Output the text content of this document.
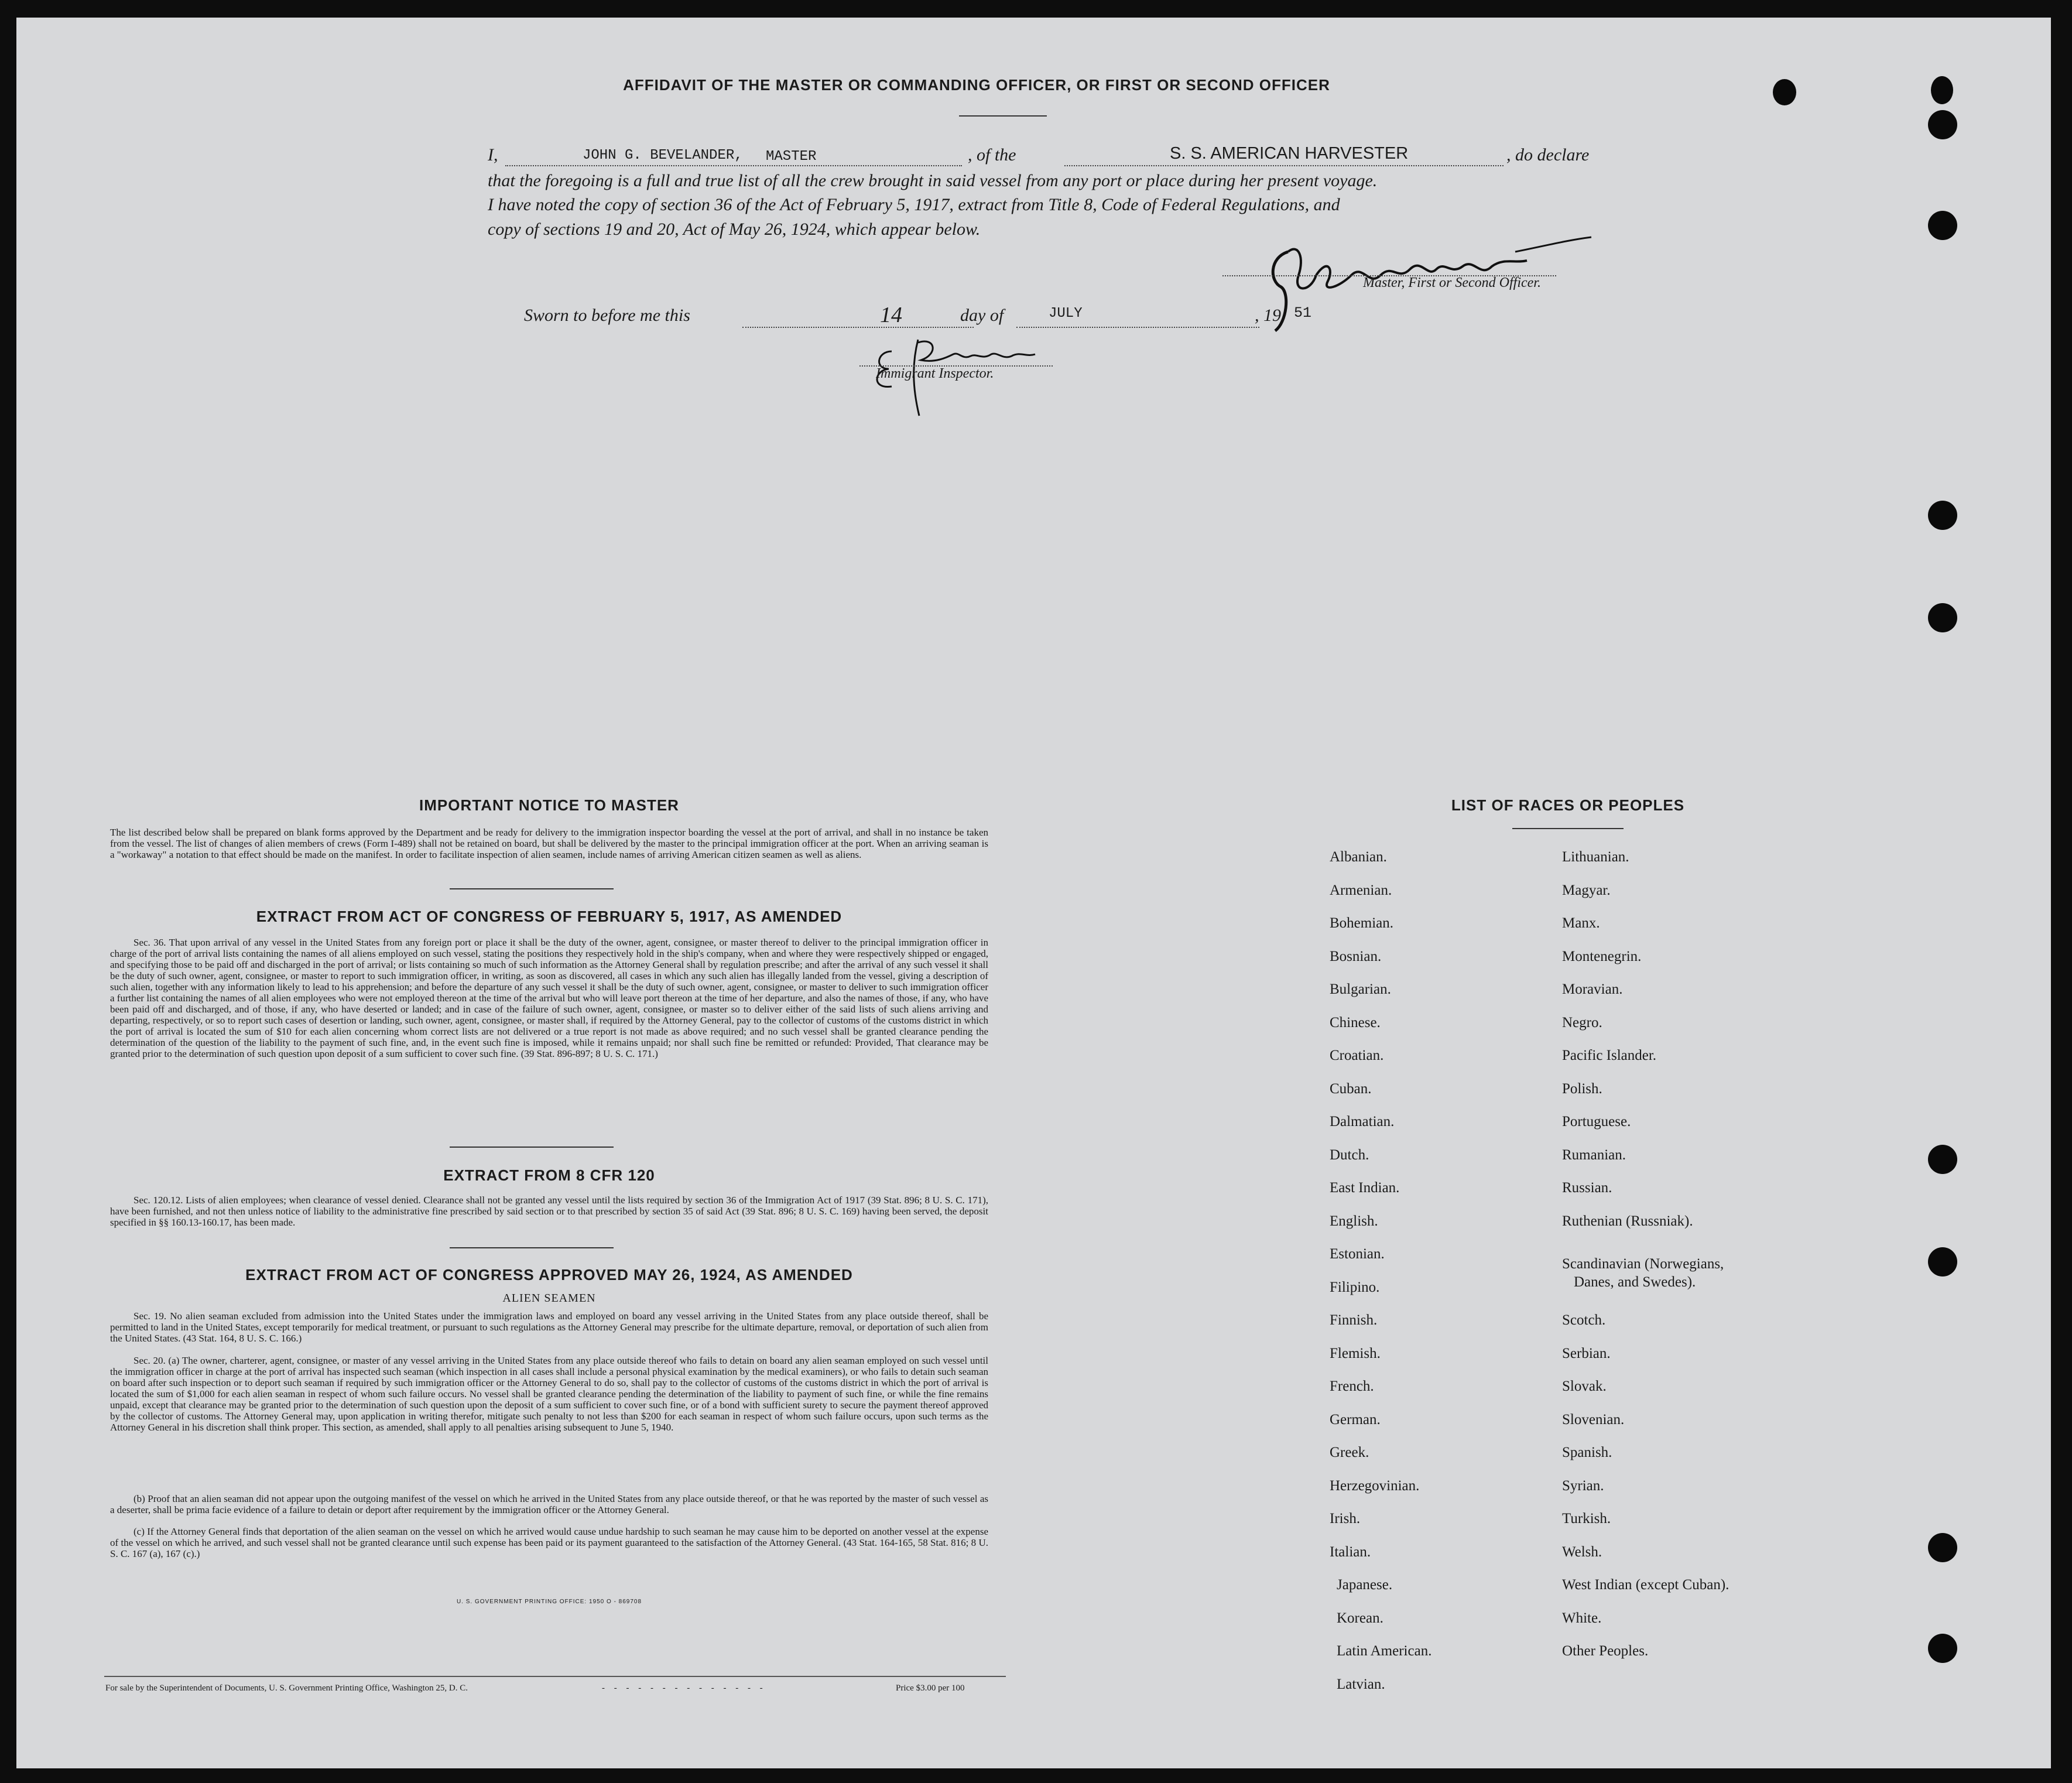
AFFIDAVIT OF THE MASTER OR COMMANDING OFFICER, OR FIRST OR SECOND OFFICER
I,	JOHN G. BEVELANDER, MASTER	, of the	S. S. AMERICAN HARVESTER	, do declare
that the foregoing is a full and true list of all the crew brought in said vessel from any port or place during her present voyage.
I have noted the copy of section 36 of the Act of February 5, 1917, extract from Title 8, Code of Federal Regulations, and
copy of sections 19 and 20, Act of May 26, 1924, which appear below.
Master, First or Second Officer.
Sworn to before me this	14	day of	JULY	, 19 51
Immigrant Inspector.
IMPORTANT NOTICE TO MASTER
The list described below shall be prepared on blank forms approved by the Department and be ready for delivery to the immigration inspector boarding the vessel at the port of arrival, and shall in no instance be taken from the vessel. The list of changes of alien members of crews (Form I-489) shall not be retained on board, but shall be delivered by the master to the principal immigration officer at the port. When an arriving seaman is a "workaway" a notation to that effect should be made on the manifest. In order to facilitate inspection of alien seamen, include names of arriving American citizen seamen as well as aliens.
EXTRACT FROM ACT OF CONGRESS OF FEBRUARY 5, 1917, AS AMENDED
Sec. 36. That upon arrival of any vessel in the United States from any foreign port or place it shall be the duty of the owner, agent, consignee, or master thereof to deliver to the principal immigration officer in charge of the port of arrival lists containing the names of all aliens employed on such vessel, stating the positions they respectively hold in the ship's company, when and where they were respectively shipped or engaged, and specifying those to be paid off and discharged in the port of arrival; or lists containing so much of such information as the Attorney General shall by regulation prescribe; and after the arrival of any such vessel it shall be the duty of such owner, agent, consignee, or master to report to such immigration officer, in writing, as soon as discovered, all cases in which any such alien has illegally landed from the vessel, giving a description of such alien, together with any information likely to lead to his apprehension; and before the departure of any such vessel it shall be the duty of such owner, agent, consignee, or master to deliver to such immigration officer a further list containing the names of all alien employees who were not employed thereon at the time of the arrival but who will leave port thereon at the time of her departure, and also the names of those, if any, who have been paid off and discharged, and of those, if any, who have deserted or landed; and in case of the failure of such owner, agent, consignee, or master so to deliver either of the said lists of such aliens arriving and departing, respectively, or so to report such cases of desertion or landing, such owner, agent, consignee, or master shall, if required by the Attorney General, pay to the collector of customs of the customs district in which the port of arrival is located the sum of $10 for each alien concerning whom correct lists are not delivered or a true report is not made as above required; and no such vessel shall be granted clearance pending the determination of the question of the liability to the payment of such fine, and, in the event such fine is imposed, while it remains unpaid; nor shall such fine be remitted or refunded: Provided, That clearance may be granted prior to the determination of such question upon deposit of a sum sufficient to cover such fine. (39 Stat. 896-897; 8 U. S. C. 171.)
EXTRACT FROM 8 CFR 120
Sec. 120.12. Lists of alien employees; when clearance of vessel denied. Clearance shall not be granted any vessel until the lists required by section 36 of the Immigration Act of 1917 (39 Stat. 896; 8 U. S. C. 171), have been furnished, and not then unless notice of liability to the administrative fine prescribed by said section or to that prescribed by section 35 of said Act (39 Stat. 896; 8 U. S. C. 169) having been served, the deposit specified in §§ 160.13-160.17, has been made.
EXTRACT FROM ACT OF CONGRESS APPROVED MAY 26, 1924, AS AMENDED
ALIEN SEAMEN
Sec. 19. No alien seaman excluded from admission into the United States under the immigration laws and employed on board any vessel arriving in the United States from any place outside thereof, shall be permitted to land in the United States, except temporarily for medical treatment, or pursuant to such regulations as the Attorney General may prescribe for the ultimate departure, removal, or deportation of such alien from the United States. (43 Stat. 164, 8 U. S. C. 166.)
Sec. 20. (a) The owner, charterer, agent, consignee, or master of any vessel arriving in the United States from any place outside thereof who fails to detain on board any alien seaman employed on such vessel until the immigration officer in charge at the port of arrival has inspected such seaman (which inspection in all cases shall include a personal physical examination by the medical examiners), or who fails to detain such seaman on board after such inspection or to deport such seaman if required by such immigration officer or the Attorney General to do so, shall pay to the collector of customs of the customs district in which the port of arrival is located the sum of $1,000 for each alien seaman in respect of whom such failure occurs. No vessel shall be granted clearance pending the determination of the liability to payment of such fine, or while the fine remains unpaid, except that clearance may be granted prior to the determination of such question upon the deposit of a sum sufficient to cover such fine, or of a bond with sufficient surety to secure the payment thereof approved by the collector of customs. The Attorney General may, upon application in writing therefor, mitigate such penalty to not less than $200 for each seaman in respect of whom such failure occurs, upon such terms as the Attorney General in his discretion shall think proper. This section, as amended, shall apply to all penalties arising subsequent to June 5, 1940.
(b) Proof that an alien seaman did not appear upon the outgoing manifest of the vessel on which he arrived in the United States from any place outside thereof, or that he was reported by the master of such vessel as a deserter, shall be prima facie evidence of a failure to detain or deport after requirement by the immigration officer or the Attorney General.
(c) If the Attorney General finds that deportation of the alien seaman on the vessel on which he arrived would cause undue hardship to such seaman he may cause him to be deported on another vessel at the expense of the vessel on which he arrived, and such vessel shall not be granted clearance until such expense has been paid or its payment guaranteed to the satisfaction of the Attorney General. (43 Stat. 164-165, 58 Stat. 816; 8 U. S. C. 167 (a), 167 (c).)
U. S. GOVERNMENT PRINTING OFFICE: 1950 O - 869708
For sale by the Superintendent of Documents, U. S. Government Printing Office, Washington 25, D. C.	- - - - - - - - - - - - - -	Price $3.00 per 100
LIST OF RACES OR PEOPLES
Albanian.
Armenian.
Bohemian.
Bosnian.
Bulgarian.
Chinese.
Croatian.
Cuban.
Dalmatian.
Dutch.
East Indian.
English.
Estonian.
Filipino.
Finnish.
Flemish.
French.
German.
Greek.
Herzegovinian.
Irish.
Italian.
Japanese.
Korean.
Latin American.
Latvian.
Lithuanian.
Magyar.
Manx.
Montenegrin.
Moravian.
Negro.
Pacific Islander.
Polish.
Portuguese.
Rumanian.
Russian.
Ruthenian (Russniak).
Scandinavian (Norwegians,
Danes, and Swedes).
Scotch.
Serbian.
Slovak.
Slovenian.
Spanish.
Syrian.
Turkish.
Welsh.
West Indian (except Cuban).
White.
Other Peoples.
